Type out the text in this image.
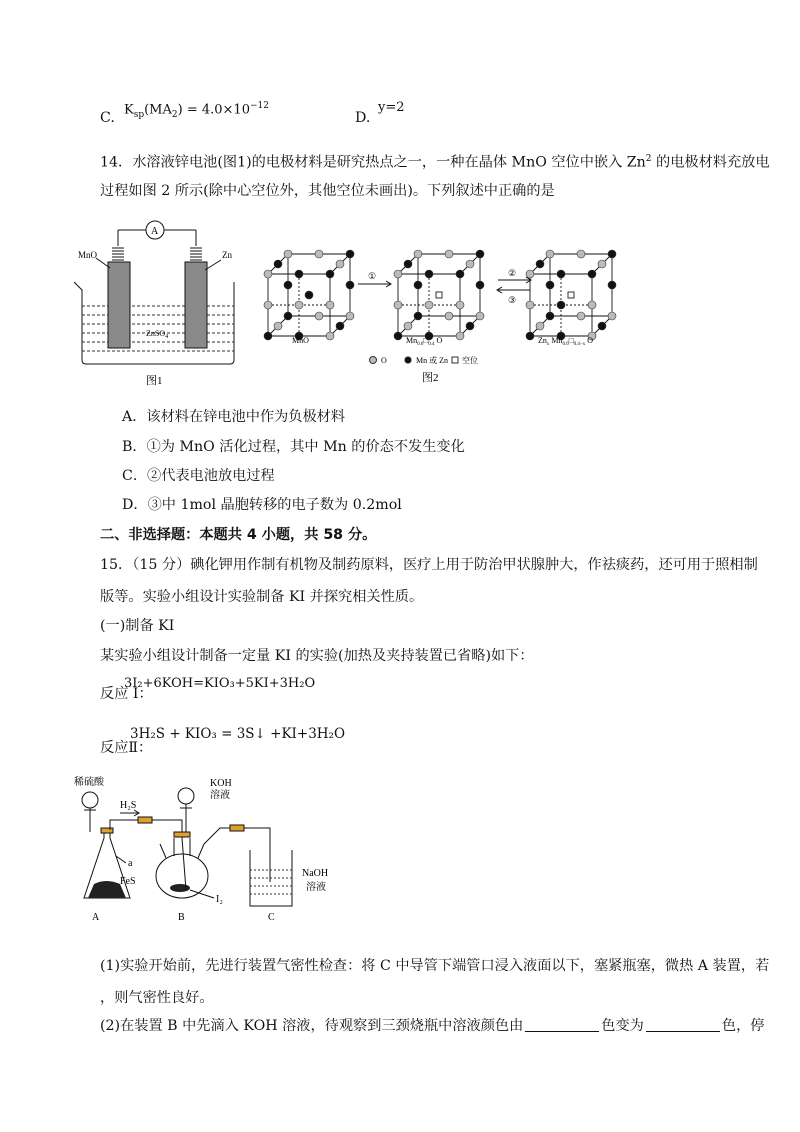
C.
$K_{sp}(MA_2) = 4.0\times 10^{-12}$
D.
y=2
14．水溶液锌电池(图1)的电极材料是研究热点之一，一种在晶体 MnO 空位中嵌入 Zn$^2$ 的电极材料充放电
过程如图 2 所示(除中心空位外，其他空位未画出)。下列叙述中正确的是
A
MnO	Zn
ZnSO$_4$
图1
①	②
③
MnO	$Mn_{0.6}□_{0.4}$ O	$Zn_x$ $Mn_{0.6}□_{0.4-x}$ O
O	Mn 或 Zn 空位
图2
A．该材料在锌电池中作为负极材料
B．①为 MnO 活化过程，其中 Mn 的价态不发生变化
C．②代表电池放电过程
D．③中 1mol 晶胞转移的电子数为 0.2mol
二、非选择题：本题共 4 小题，共 58 分。
15．（15 分）碘化钾用作制有机物及制药原料，医疗上用于防治甲状腺肿大，作祛痰药，还可用于照相制
版等。实验小组设计实验制备 KI 并探究相关性质。
(一)制备 KI
某实验小组设计制备一定量 KI 的实验(加热及夹持装置已省略)如下：
反应 I：
3I₂+6KOH=KIO₃+5KI+3H₂O
反应Ⅱ：
3H₂S + KIO₃ = 3S↓ +KI+3H₂O
稀硫酸
H₂S
KOH
溶液
a
FeS
I₂
NaOH
溶液
A	B	C
(1)实验开始前，先进行装置气密性检查：将 C 中导管下端管口浸入液面以下，塞紧瓶塞，微热 A 装置，若
，则气密性良好。
(2)在装置 B 中先滴入 KOH 溶液，待观察到三颈烧瓶中溶液颜色由	色变为	色，停
